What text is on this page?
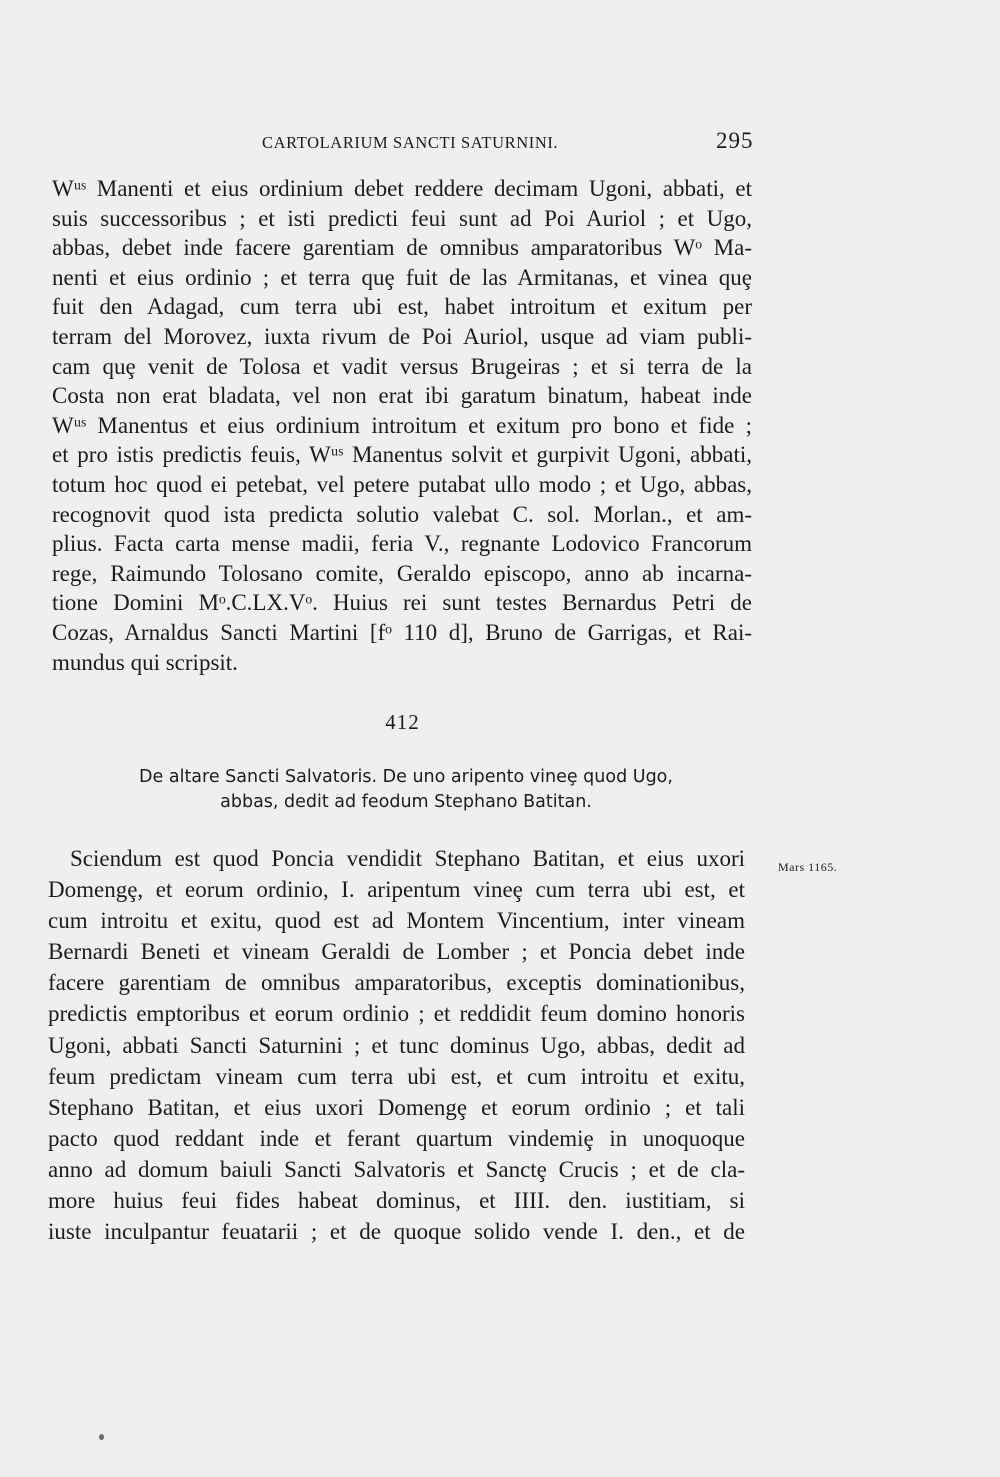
CARTOLARIUM SANCTI SATURNINI.	295
Wᵘˢ Manenti et eius ordinium debet reddere decimam Ugoni, abbati, et
suis successoribus ; et isti predicti feui sunt ad Poi Auriol ; et Ugo,
abbas, debet inde facere garentiam de omnibus amparatoribus Wᵒ Ma-
nenti et eius ordinio ; et terra quȩ fuit de las Armitanas, et vinea quȩ
fuit den Adagad, cum terra ubi est, habet introitum et exitum per
terram del Morovez, iuxta rivum de Poi Auriol, usque ad viam publi-
cam quȩ venit de Tolosa et vadit versus Brugeiras ; et si terra de la
Costa non erat bladata, vel non erat ibi garatum binatum, habeat inde
Wᵘˢ Manentus et eius ordinium introitum et exitum pro bono et fide ;
et pro istis predictis feuis, Wᵘˢ Manentus solvit et gurpivit Ugoni, abbati,
totum hoc quod ei petebat, vel petere putabat ullo modo ; et Ugo, abbas,
recognovit quod ista predicta solutio valebat C. sol. Morlan., et am-
plius. Facta carta mense madii, feria V., regnante Lodovico Francorum
rege, Raimundo Tolosano comite, Geraldo episcopo, anno ab incarna-
tione Domini Mᵒ.C.LX.Vᵒ. Huius rei sunt testes Bernardus Petri de
Cozas, Arnaldus Sancti Martini [fᵒ 110 d], Bruno de Garrigas, et Rai-
mundus qui scripsit.
412
De altare Sancti Salvatoris. De uno aripento vineȩ quod Ugo,
abbas, dedit ad feodum Stephano Batitan.
Mars 1165.
Sciendum est quod Poncia vendidit Stephano Batitan, et eius uxori
Domengȩ, et eorum ordinio, I. aripentum vineȩ cum terra ubi est, et
cum introitu et exitu, quod est ad Montem Vincentium, inter vineam
Bernardi Beneti et vineam Geraldi de Lomber ; et Poncia debet inde
facere garentiam de omnibus amparatoribus, exceptis dominationibus,
predictis emptoribus et eorum ordinio ; et reddidit feum domino honoris
Ugoni, abbati Sancti Saturnini ; et tunc dominus Ugo, abbas, dedit ad
feum predictam vineam cum terra ubi est, et cum introitu et exitu,
Stephano Batitan, et eius uxori Domengȩ et eorum ordinio ; et tali
pacto quod reddant inde et ferant quartum vindemiȩ in unoquoque
anno ad domum baiuli Sancti Salvatoris et Sanctȩ Crucis ; et de cla-
more huius feui fides habeat dominus, et IIII. den. iustitiam, si
iuste inculpantur feuatarii ; et de quoque solido vende I. den., et de
